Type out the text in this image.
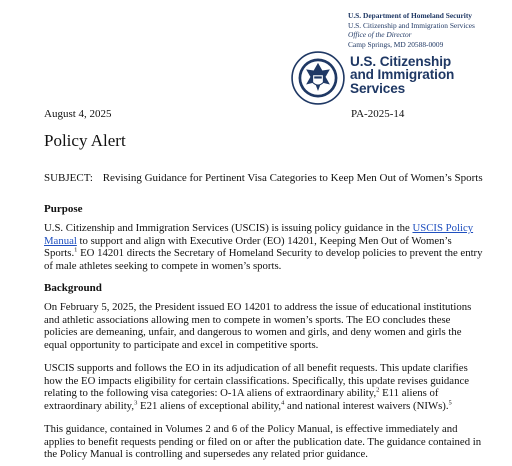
U.S. Department of Homeland Security
U.S. Citizenship and Immigration Services
Office of the Director
Camp Springs, MD 20588-0009
U.S. Citizenship
and Immigration
Services
August 4, 2025	PA-2025-14
Policy Alert
SUBJECT: Revising Guidance for Pertinent Visa Categories to Keep Men Out of Women’s Sports
Purpose
U.S. Citizenship and Immigration Services (USCIS) is issuing policy guidance in the USCIS Policy Manual to support and align with Executive Order (EO) 14201, Keeping Men Out of Women’s Sports.$^1$ EO 14201 directs the Secretary of Homeland Security to develop policies to prevent the entry of male athletes seeking to compete in women’s sports.
Background
On February 5, 2025, the President issued EO 14201 to address the issue of educational institutions and athletic associations allowing men to compete in women’s sports. The EO concludes these policies are demeaning, unfair, and dangerous to women and girls, and deny women and girls the equal opportunity to participate and excel in competitive sports.
USCIS supports and follows the EO in its adjudication of all benefit requests. This update clarifies how the EO impacts eligibility for certain classifications. Specifically, this update revises guidance relating to the following visa categories: O-1A aliens of extraordinary ability,$^2$ E11 aliens of extraordinary ability,$^3$ E21 aliens of exceptional ability,$^4$ and national interest waivers (NIWs).$^5$
This guidance, contained in Volumes 2 and 6 of the Policy Manual, is effective immediately and applies to benefit requests pending or filed on or after the publication date. The guidance contained in the Policy Manual is controlling and supersedes any related prior guidance.
